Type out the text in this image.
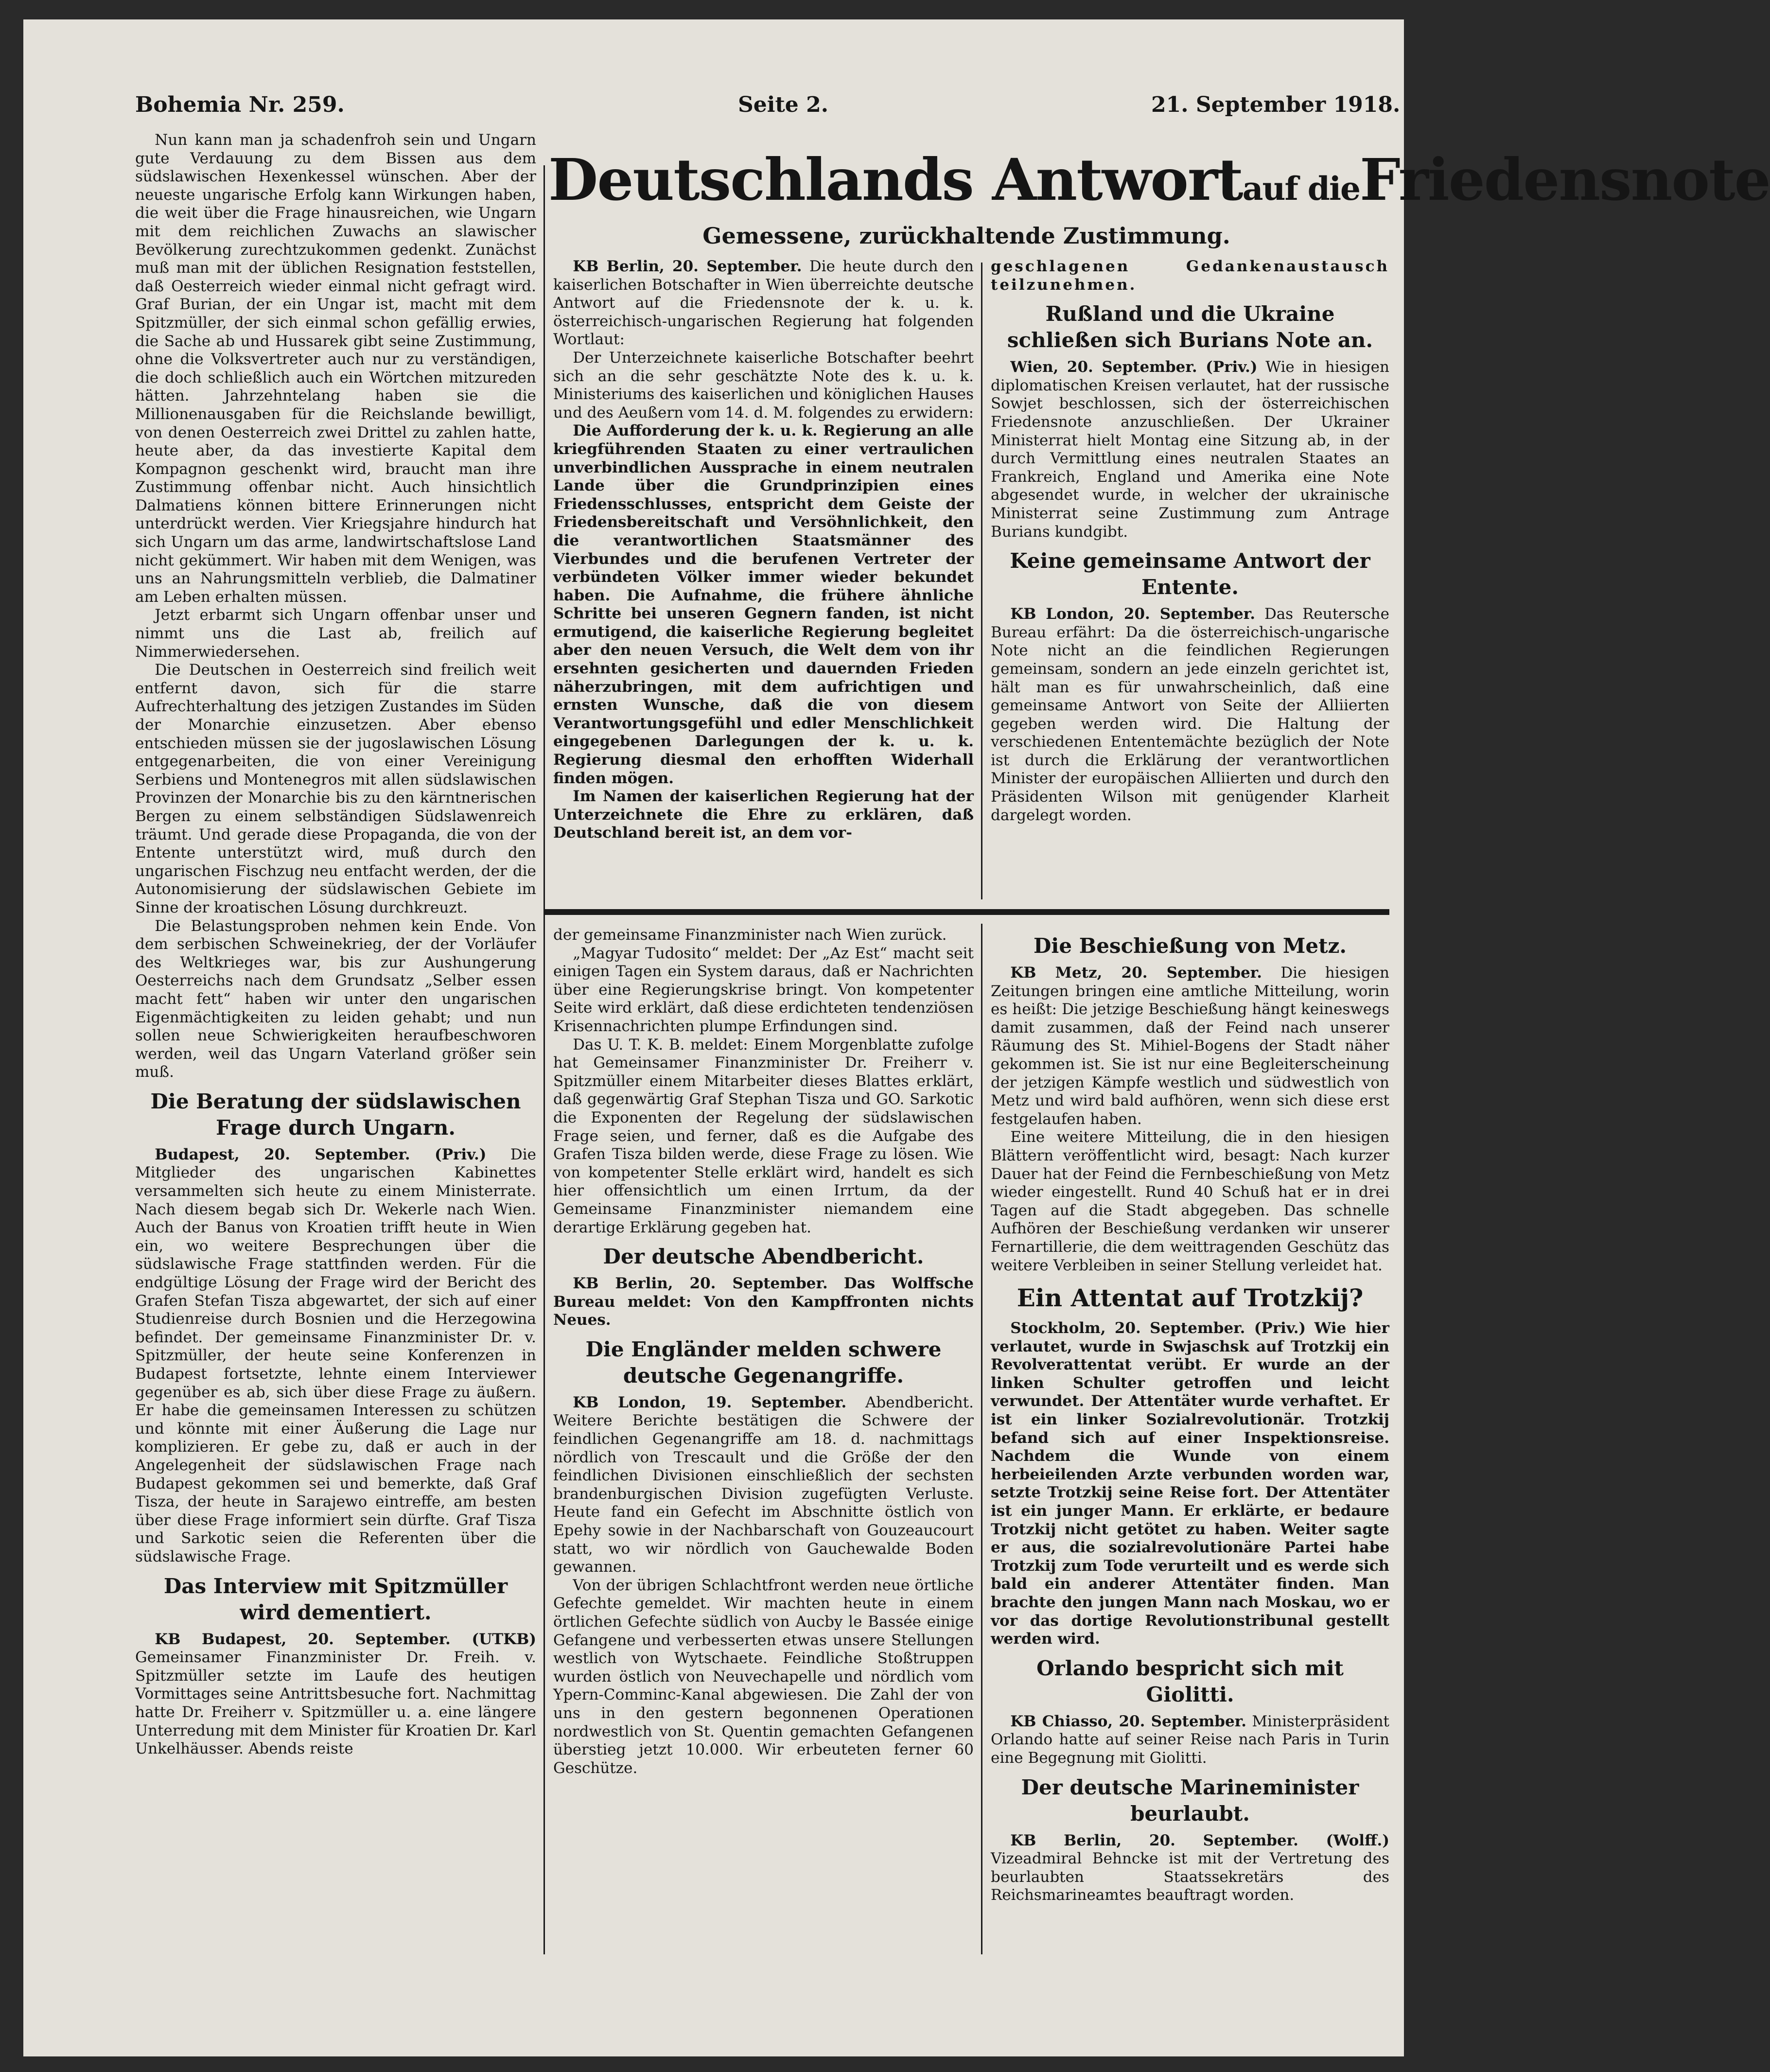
Bohemia Nr. 259.	Seite 2.	21. September 1918.
Deutschlands Antwortauf dieFriedensnote
Gemessene, zurückhaltende Zustimmung.

Nun kann man ja schadenfroh sein und Ungarn gute Verdauung zu dem Bissen aus dem südslawischen Hexenkessel wünschen. Aber der neueste ungarische Erfolg kann Wirkungen haben, die weit über die Frage hinausreichen, wie Ungarn mit dem reichlichen Zuwachs an slawischer Bevölkerung zurechtzukommen gedenkt. Zunächst muß man mit der üblichen Resignation feststellen, daß Oesterreich wieder einmal nicht gefragt wird. Graf Burian, der ein Ungar ist, macht mit dem Spitzmüller, der sich einmal schon gefällig erwies, die Sache ab und Hussarek gibt seine Zustimmung, ohne die Volksvertreter auch nur zu verständigen, die doch schließlich auch ein Wörtchen mitzureden hätten. Jahrzehntelang haben sie die Millionenausgaben für die Reichslande bewilligt, von denen Oesterreich zwei Drittel zu zahlen hatte, heute aber, da das investierte Kapital dem Kompagnon geschenkt wird, braucht man ihre Zustimmung offenbar nicht. Auch hinsichtlich Dalmatiens können bittere Erinnerungen nicht unterdrückt werden. Vier Kriegsjahre hindurch hat sich Ungarn um das arme, landwirtschaftslose Land nicht gekümmert. Wir haben mit dem Wenigen, was uns an Nahrungsmitteln verblieb, die Dalmatiner am Leben erhalten müssen.

Jetzt erbarmt sich Ungarn offenbar unser und nimmt uns die Last ab, freilich auf Nimmerwiedersehen.

Die Deutschen in Oesterreich sind freilich weit entfernt davon, sich für die starre Aufrechterhaltung des jetzigen Zustandes im Süden der Monarchie einzusetzen. Aber ebenso entschieden müssen sie der jugoslawischen Lösung entgegenarbeiten, die von einer Vereinigung Serbiens und Montenegros mit allen südslawischen Provinzen der Monarchie bis zu den kärntnerischen Bergen zu einem selbständigen Südslawenreich träumt. Und gerade diese Propaganda, die von der Entente unterstützt wird, muß durch den ungarischen Fischzug neu entfacht werden, der die Autonomisierung der südslawischen Gebiete im Sinne der kroatischen Lösung durchkreuzt.

Die Belastungsproben nehmen kein Ende. Von dem serbischen Schweinekrieg, der der Vorläufer des Weltkrieges war, bis zur Aushungerung Oesterreichs nach dem Grundsatz „Selber essen macht fett“ haben wir unter den ungarischen Eigenmächtigkeiten zu leiden gehabt; und nun sollen neue Schwierigkeiten heraufbeschworen werden, weil das Ungarn Vaterland größer sein muß.

Die Beratung der südslawischen Frage durch Ungarn.

Budapest, 20. September. (Priv.) Die Mitglieder des ungarischen Kabinettes versammelten sich heute zu einem Ministerrate. Nach diesem begab sich Dr. Wekerle nach Wien. Auch der Banus von Kroatien trifft heute in Wien ein, wo weitere Besprechungen über die südslawische Frage stattfinden werden. Für die endgültige Lösung der Frage wird der Bericht des Grafen Stefan Tisza abgewartet, der sich auf einer Studienreise durch Bosnien und die Herzegowina befindet. Der gemeinsame Finanzminister Dr. v. Spitzmüller, der heute seine Konferenzen in Budapest fortsetzte, lehnte einem Interviewer gegenüber es ab, sich über diese Frage zu äußern. Er habe die gemeinsamen Interessen zu schützen und könnte mit einer Äußerung die Lage nur komplizieren. Er gebe zu, daß er auch in der Angelegenheit der südslawischen Frage nach Budapest gekommen sei und bemerkte, daß Graf Tisza, der heute in Sarajewo eintreffe, am besten über diese Frage informiert sein dürfte. Graf Tisza und Sarkotic seien die Referenten über die südslawische Frage.

Das Interview mit Spitzmüller wird dementiert.

KB Budapest, 20. September. (UTKB) Gemeinsamer Finanzminister Dr. Freih. v. Spitzmüller setzte im Laufe des heutigen Vormittages seine Antrittsbesuche fort. Nachmittag hatte Dr. Freiherr v. Spitzmüller u. a. eine längere Unterredung mit dem Minister für Kroatien Dr. Karl Unkelhäusser. Abends reiste

KB Berlin, 20. September. Die heute durch den kaiserlichen Botschafter in Wien überreichte deutsche Antwort auf die Friedensnote der k. u. k. österreichisch-ungarischen Regierung hat folgenden Wortlaut:

Der Unterzeichnete kaiserliche Botschafter beehrt sich an die sehr geschätzte Note des k. u. k. Ministeriums des kaiserlichen und königlichen Hauses und des Aeußern vom 14. d. M. folgendes zu erwidern:

Die Aufforderung der k. u. k. Regierung an alle kriegführenden Staaten zu einer vertraulichen unverbindlichen Aussprache in einem neutralen Lande über die Grundprinzipien eines Friedensschlusses, entspricht dem Geiste der Friedensbereitschaft und Versöhnlichkeit, den die verantwortlichen Staatsmänner des Vierbundes und die berufenen Vertreter der verbündeten Völker immer wieder bekundet haben. Die Aufnahme, die frühere ähnliche Schritte bei unseren Gegnern fanden, ist nicht ermutigend, die kaiserliche Regierung begleitet aber den neuen Versuch, die Welt dem von ihr ersehnten gesicherten und dauernden Frieden näherzubringen, mit dem aufrichtigen und ernsten Wunsche, daß die von diesem Verantwortungsgefühl und edler Menschlichkeit eingegebenen Darlegungen der k. u. k. Regierung diesmal den erhofften Widerhall finden mögen.

Im Namen der kaiserlichen Regierung hat der Unterzeichnete die Ehre zu erklären, daß Deutschland bereit ist, an dem vor-

geschlagenen Gedankenaustausch teilzunehmen.

Rußland und die Ukraine schließen sich Burians Note an.

Wien, 20. September. (Priv.) Wie in hiesigen diplomatischen Kreisen verlautet, hat der russische Sowjet beschlossen, sich der österreichischen Friedensnote anzuschließen. Der Ukrainer Ministerrat hielt Montag eine Sitzung ab, in der durch Vermittlung eines neutralen Staates an Frankreich, England und Amerika eine Note abgesendet wurde, in welcher der ukrainische Ministerrat seine Zustimmung zum Antrage Burians kundgibt.

Keine gemeinsame Antwort der Entente.

KB London, 20. September. Das Reutersche Bureau erfährt: Da die österreichisch-ungarische Note nicht an die feindlichen Regierungen gemeinsam, sondern an jede einzeln gerichtet ist, hält man es für unwahrscheinlich, daß eine gemeinsame Antwort von Seite der Alliierten gegeben werden wird. Die Haltung der verschiedenen Ententemächte bezüglich der Note ist durch die Erklärung der verantwortlichen Minister der europäischen Alliierten und durch den Präsidenten Wilson mit genügender Klarheit dargelegt worden.

der gemeinsame Finanzminister nach Wien zurück.

„Magyar Tudosito“ meldet: Der „Az Est“ macht seit einigen Tagen ein System daraus, daß er Nachrichten über eine Regierungskrise bringt. Von kompetenter Seite wird erklärt, daß diese erdichteten tendenziösen Krisennachrichten plumpe Erfindungen sind.

Das U. T. K. B. meldet: Einem Morgenblatte zufolge hat Gemeinsamer Finanzminister Dr. Freiherr v. Spitzmüller einem Mitarbeiter dieses Blattes erklärt, daß gegenwärtig Graf Stephan Tisza und GO. Sarkotic die Exponenten der Regelung der südslawischen Frage seien, und ferner, daß es die Aufgabe des Grafen Tisza bilden werde, diese Frage zu lösen. Wie von kompetenter Stelle erklärt wird, handelt es sich hier offensichtlich um einen Irrtum, da der Gemeinsame Finanzminister niemandem eine derartige Erklärung gegeben hat.

Der deutsche Abendbericht.

KB Berlin, 20. September. Das Wolffsche Bureau meldet: Von den Kampffronten nichts Neues.

Die Engländer melden schwere deutsche Gegenangriffe.

KB London, 19. September. Abendbericht. Weitere Berichte bestätigen die Schwere der feindlichen Gegenangriffe am 18. d. nachmittags nördlich von Trescault und die Größe der den feindlichen Divisionen einschließlich der sechsten brandenburgischen Division zugefügten Verluste. Heute fand ein Gefecht im Abschnitte östlich von Epehy sowie in der Nachbarschaft von Gouzeaucourt statt, wo wir nördlich von Gauchewalde Boden gewannen.

Von der übrigen Schlachtfront werden neue örtliche Gefechte gemeldet. Wir machten heute in einem örtlichen Gefechte südlich von Aucby le Bassée einige Gefangene und verbesserten etwas unsere Stellungen westlich von Wytschaete. Feindliche Stoßtruppen wurden östlich von Neuvechapelle und nördlich vom Ypern-Comminc-Kanal abgewiesen. Die Zahl der von uns in den gestern begonnenen Operationen nordwestlich von St. Quentin gemachten Gefangenen überstieg jetzt 10.000. Wir erbeuteten ferner 60 Geschütze.

Die Beschießung von Metz.

KB Metz, 20. September. Die hiesigen Zeitungen bringen eine amtliche Mitteilung, worin es heißt: Die jetzige Beschießung hängt keineswegs damit zusammen, daß der Feind nach unserer Räumung des St. Mihiel-Bogens der Stadt näher gekommen ist. Sie ist nur eine Begleiterscheinung der jetzigen Kämpfe westlich und südwestlich von Metz und wird bald aufhören, wenn sich diese erst festgelaufen haben.

Eine weitere Mitteilung, die in den hiesigen Blättern veröffentlicht wird, besagt: Nach kurzer Dauer hat der Feind die Fernbeschießung von Metz wieder eingestellt. Rund 40 Schuß hat er in drei Tagen auf die Stadt abgegeben. Das schnelle Aufhören der Beschießung verdanken wir unserer Fernartillerie, die dem weittragenden Geschütz das weitere Verbleiben in seiner Stellung verleidet hat.

Ein Attentat auf Trotzkij?

Stockholm, 20. September. (Priv.) Wie hier verlautet, wurde in Swjaschsk auf Trotzkij ein Revolverattentat verübt. Er wurde an der linken Schulter getroffen und leicht verwundet. Der Attentäter wurde verhaftet. Er ist ein linker Sozialrevolutionär. Trotzkij befand sich auf einer Inspektionsreise. Nachdem die Wunde von einem herbeieilenden Arzte verbunden worden war, setzte Trotzkij seine Reise fort. Der Attentäter ist ein junger Mann. Er erklärte, er bedaure Trotzkij nicht getötet zu haben. Weiter sagte er aus, die sozialrevolutionäre Partei habe Trotzkij zum Tode verurteilt und es werde sich bald ein anderer Attentäter finden. Man brachte den jungen Mann nach Moskau, wo er vor das dortige Revolutionstribunal gestellt werden wird.

Orlando bespricht sich mit Giolitti.

KB Chiasso, 20. September. Ministerpräsident Orlando hatte auf seiner Reise nach Paris in Turin eine Begegnung mit Giolitti.

Der deutsche Marineminister beurlaubt.

KB Berlin, 20. September. (Wolff.) Vizeadmiral Behncke ist mit der Vertretung des beurlaubten Staatssekretärs des Reichsmarineamtes beauftragt worden.
